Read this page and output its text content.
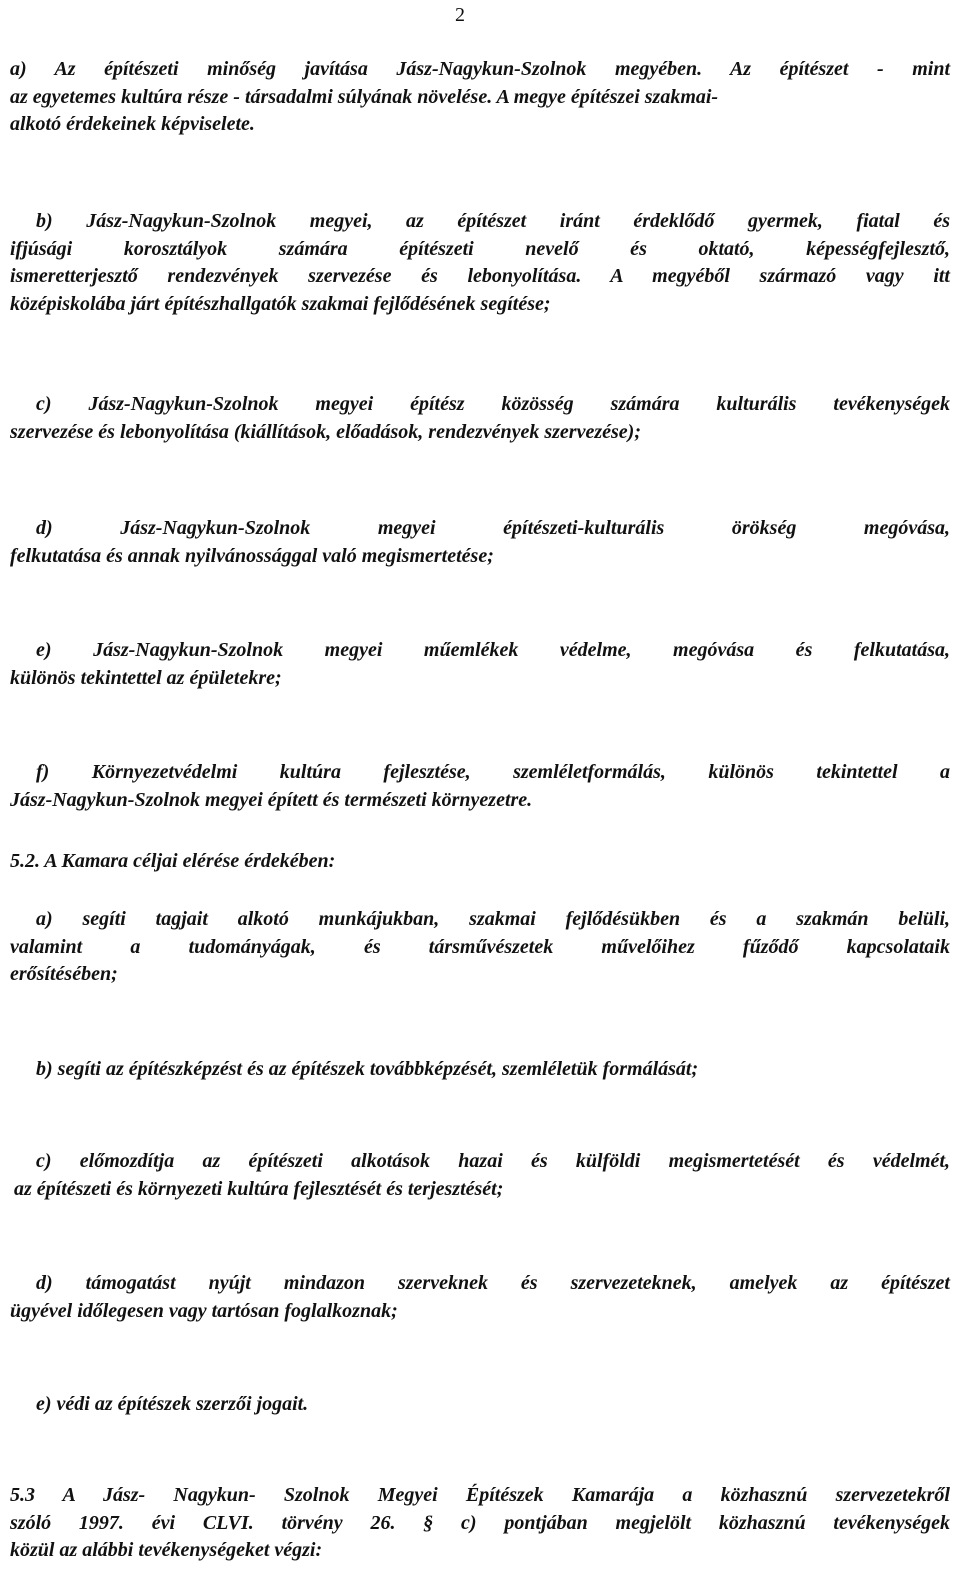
2
a) Az építészeti minőség javítása Jász-Nagykun-Szolnok megyében. Az építészet - mint
az egyetemes kultúra része - társadalmi súlyának növelése. A megye építészei szakmai-
alkotó érdekeinek képviselete.
b) Jász-Nagykun-Szolnok megyei, az építészet iránt érdeklődő gyermek, fiatal és
ifjúsági korosztályok számára építészeti nevelő és oktató, képességfejlesztő,
ismeretterjesztő rendezvények szervezése és lebonyolítása. A megyéből származó vagy itt
középiskolába járt építészhallgatók szakmai fejlődésének segítése;
c) Jász-Nagykun-Szolnok megyei építész közösség számára kulturális tevékenységek
szervezése és lebonyolítása (kiállítások, előadások, rendezvények szervezése);
d) Jász-Nagykun-Szolnok megyei építészeti-kulturális örökség megóvása,
felkutatása és annak nyilvánossággal való megismertetése;
e) Jász-Nagykun-Szolnok megyei műemlékek védelme, megóvása és felkutatása,
különös tekintettel az épületekre;
f) Környezetvédelmi kultúra fejlesztése, szemléletformálás, különös tekintettel a
Jász-Nagykun-Szolnok megyei épített és természeti környezetre.
5.2. A Kamara céljai elérése érdekében:
a) segíti tagjait alkotó munkájukban, szakmai fejlődésükben és a szakmán belüli,
valamint a tudományágak, és társművészetek művelőihez fűződő kapcsolataik
erősítésében;
b) segíti az építészképzést és az építészek továbbképzését, szemléletük formálását;
c) előmozdítja az építészeti alkotások hazai és külföldi megismertetését és védelmét,
az építészeti és környezeti kultúra fejlesztését és terjesztését;
d) támogatást nyújt mindazon szerveknek és szervezeteknek, amelyek az építészet
ügyével időlegesen vagy tartósan foglalkoznak;
e) védi az építészek szerzői jogait.
5.3 A Jász- Nagykun- Szolnok Megyei Építészek Kamarája a közhasznú szervezetekről
szóló 1997. évi CLVI. törvény 26. § c) pontjában megjelölt közhasznú tevékenységek
közül az alábbi tevékenységeket végzi:
